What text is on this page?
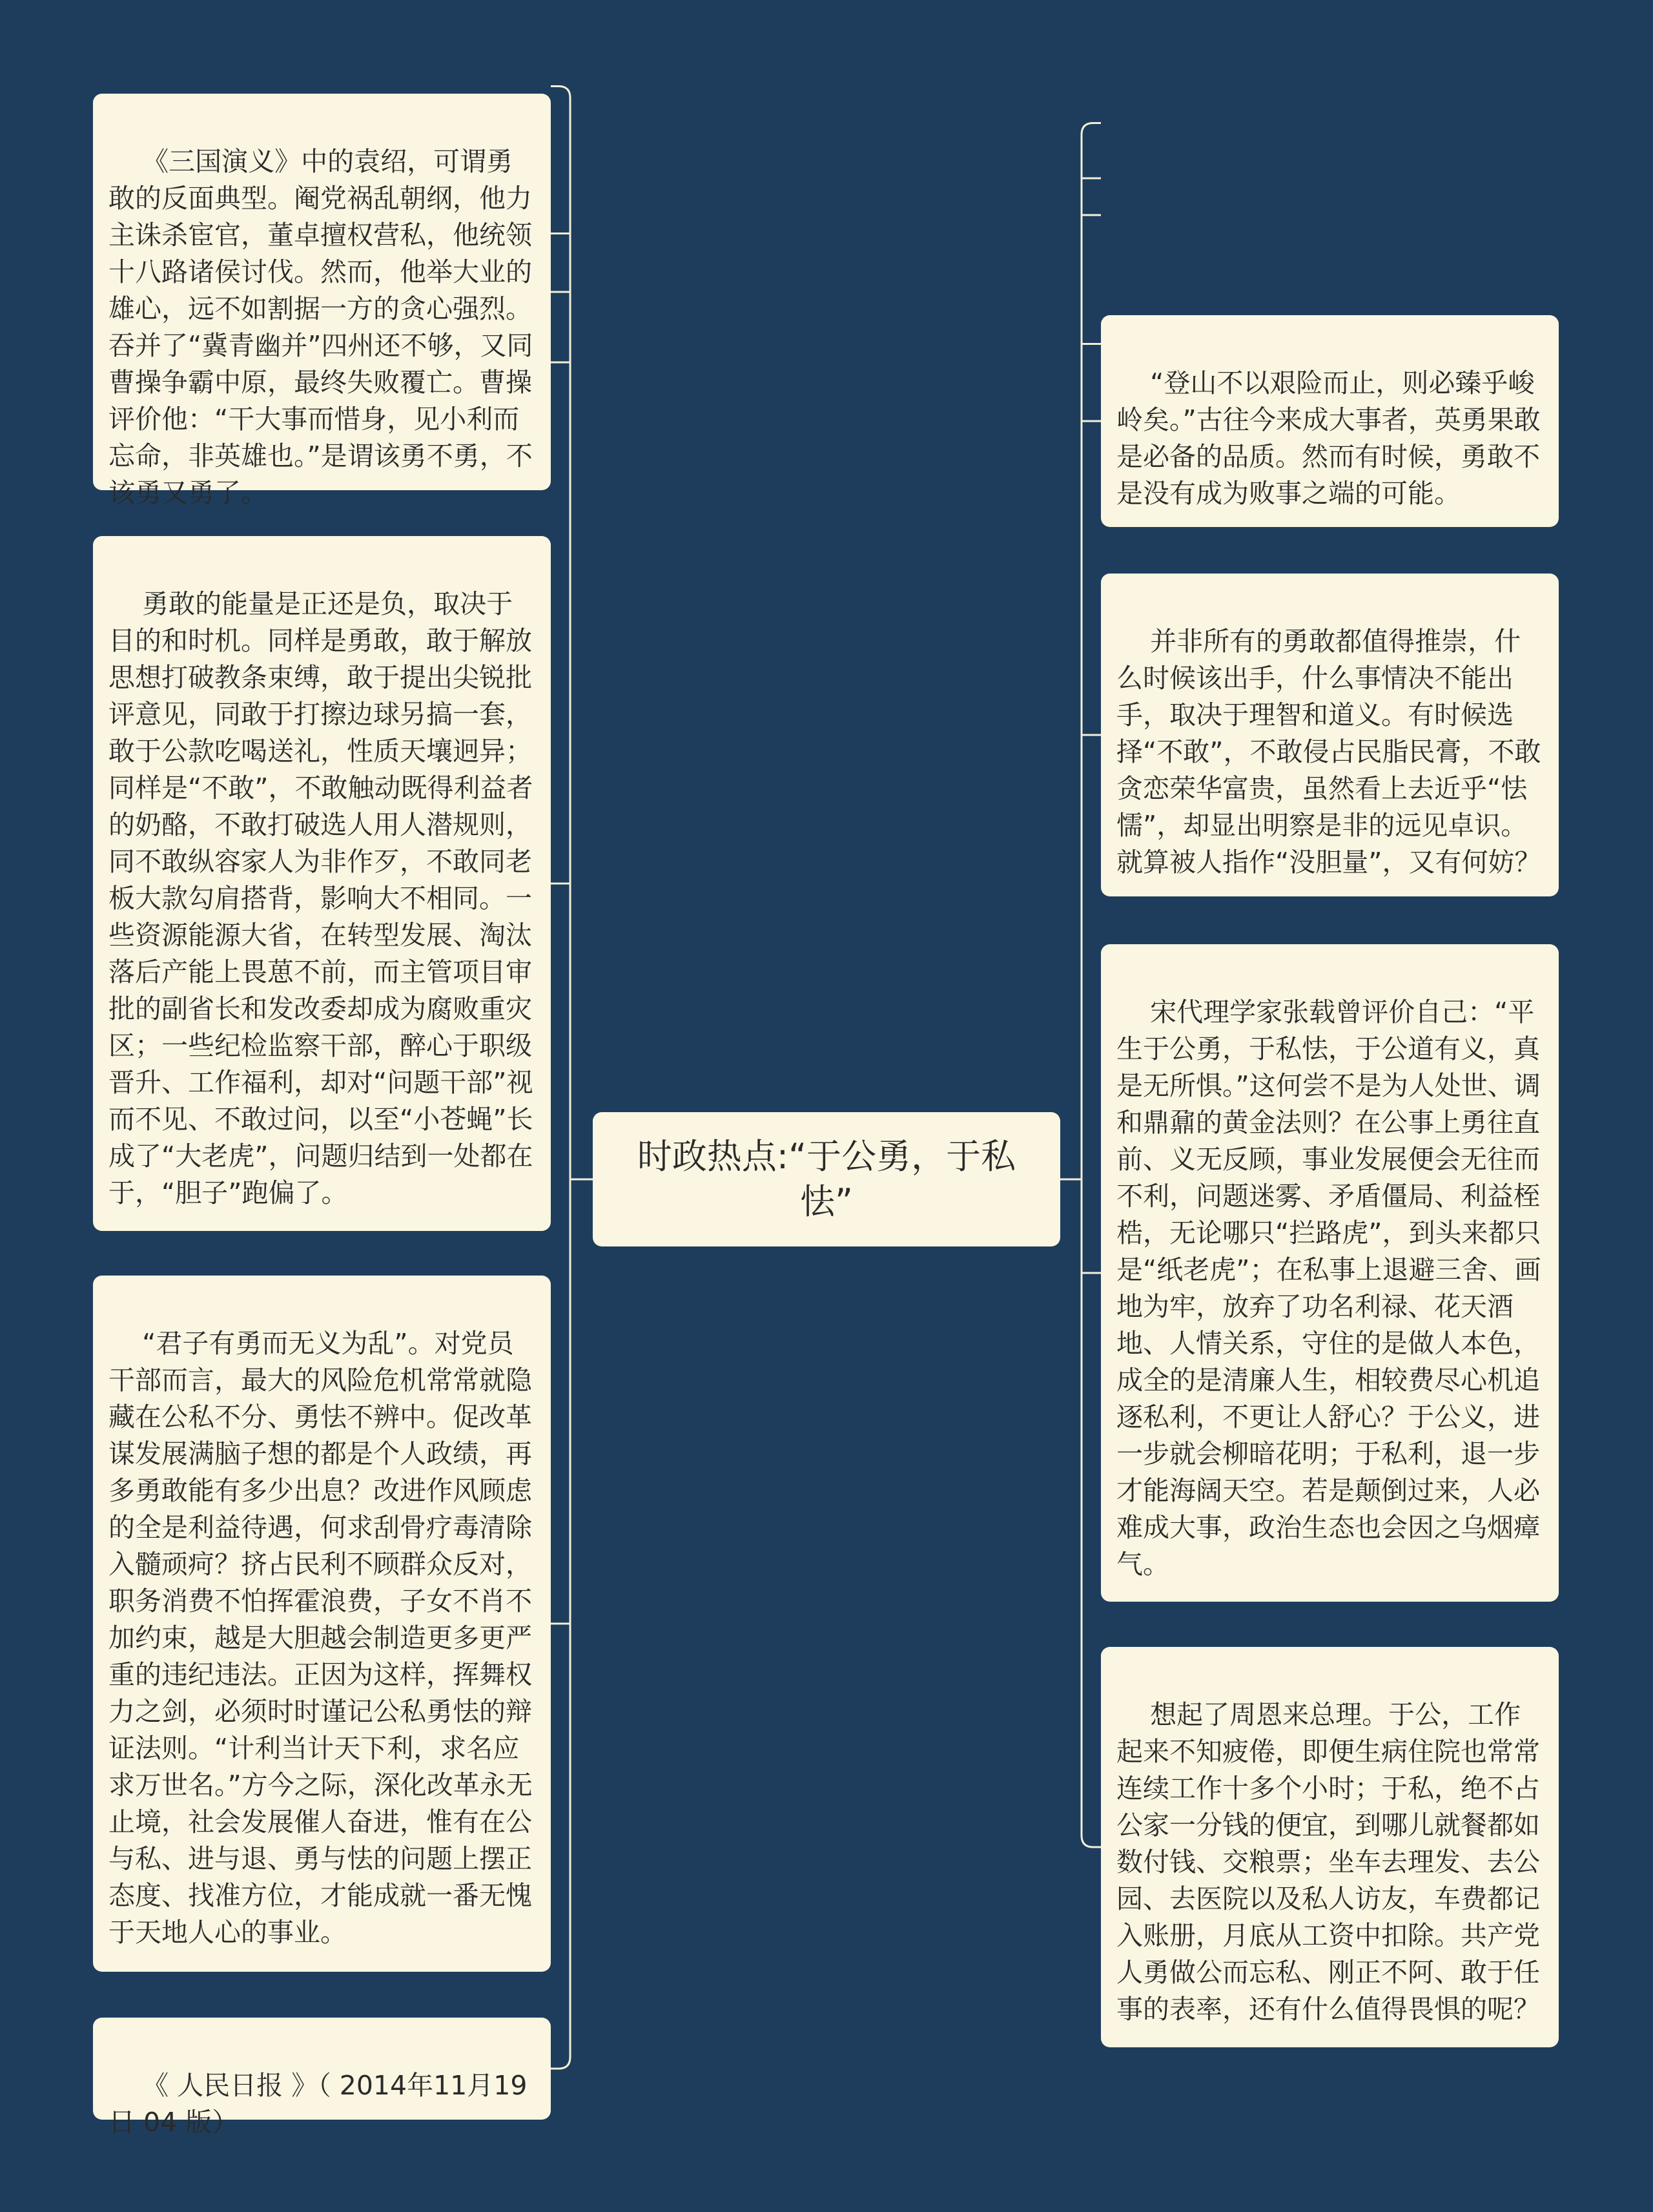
时政热点:“于公勇，于私怯”

《三国演义》中的袁绍，可谓勇敢的反面典型。阉党祸乱朝纲，他力主诛杀宦官，董卓擅权营私，他统领十八路诸侯讨伐。然而，他举大业的雄心，远不如割据一方的贪心强烈。吞并了“冀青幽并”四州还不够，又同曹操争霸中原，最终失败覆亡。曹操评价他：“干大事而惜身，见小利而忘命，非英雄也。”是谓该勇不勇，不该勇又勇了。

勇敢的能量是正还是负，取决于目的和时机。同样是勇敢，敢于解放思想打破教条束缚，敢于提出尖锐批评意见，同敢于打擦边球另搞一套，敢于公款吃喝送礼，性质天壤迥异；同样是“不敢”，不敢触动既得利益者的奶酪，不敢打破选人用人潜规则，同不敢纵容家人为非作歹，不敢同老板大款勾肩搭背，影响大不相同。一些资源能源大省，在转型发展、淘汰落后产能上畏葸不前，而主管项目审批的副省长和发改委却成为腐败重灾区；一些纪检监察干部，醉心于职级晋升、工作福利，却对“问题干部”视而不见、不敢过问，以至“小苍蝇”长成了“大老虎”，问题归结到一处都在于，“胆子”跑偏了。

“君子有勇而无义为乱”。对党员干部而言，最大的风险危机常常就隐藏在公私不分、勇怯不辨中。促改革谋发展满脑子想的都是个人政绩，再多勇敢能有多少出息？改进作风顾虑的全是利益待遇，何求刮骨疗毒清除入髓顽疴？挤占民利不顾群众反对，职务消费不怕挥霍浪费，子女不肖不加约束，越是大胆越会制造更多更严重的违纪违法。正因为这样，挥舞权力之剑，必须时时谨记公私勇怯的辩证法则。“计利当计天下利，求名应求万世名。”方今之际，深化改革永无止境，社会发展催人奋进，惟有在公与私、进与退、勇与怯的问题上摆正态度、找准方位，才能成就一番无愧于天地人心的事业。

《 人民日报 》（ 2014年11月19日 04 版）

“登山不以艰险而止，则必臻乎峻岭矣。”古往今来成大事者，英勇果敢是必备的品质。然而有时候，勇敢不是没有成为败事之端的可能。

并非所有的勇敢都值得推崇，什么时候该出手，什么事情决不能出手，取决于理智和道义。有时候选择“不敢”，不敢侵占民脂民膏，不敢贪恋荣华富贵，虽然看上去近乎“怯懦”，却显出明察是非的远见卓识。就算被人指作“没胆量”，又有何妨？

宋代理学家张载曾评价自己：“平生于公勇，于私怯，于公道有义，真是无所惧。”这何尝不是为人处世、调和鼎鼐的黄金法则？在公事上勇往直前、义无反顾，事业发展便会无往而不利，问题迷雾、矛盾僵局、利益桎梏，无论哪只“拦路虎”，到头来都只是“纸老虎”；在私事上退避三舍、画地为牢，放弃了功名利禄、花天酒地、人情关系，守住的是做人本色，成全的是清廉人生，相较费尽心机追逐私利，不更让人舒心？于公义，进一步就会柳暗花明；于私利，退一步才能海阔天空。若是颠倒过来，人必难成大事，政治生态也会因之乌烟瘴气。

想起了周恩来总理。于公，工作起来不知疲倦，即便生病住院也常常连续工作十多个小时；于私，绝不占公家一分钱的便宜，到哪儿就餐都如数付钱、交粮票；坐车去理发、去公园、去医院以及私人访友，车费都记入账册，月底从工资中扣除。共产党人勇做公而忘私、刚正不阿、敢于任事的表率，还有什么值得畏惧的呢？
